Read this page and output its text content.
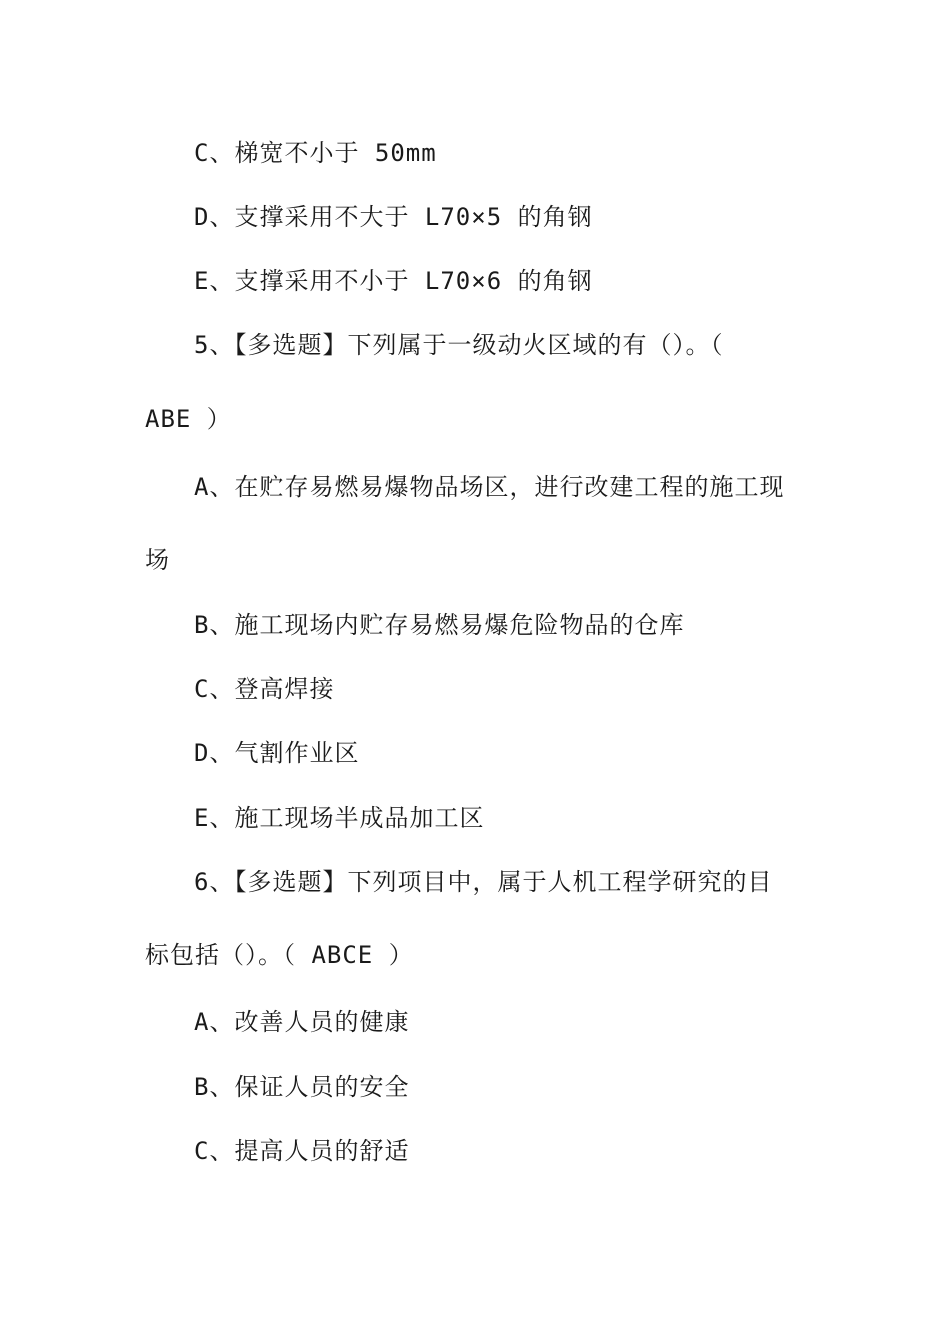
C、梯宽不小于 50mm
D、支撑采用不大于 L70×5 的角钢
E、支撑采用不小于 L70×6 的角钢
5、【多选题】下列属于一级动火区域的有（）。（
ABE ）
A、在贮存易燃易爆物品场区，进行改建工程的施工现
场
B、施工现场内贮存易燃易爆危险物品的仓库
C、登高焊接
D、气割作业区
E、施工现场半成品加工区
6、【多选题】下列项目中，属于人机工程学研究的目
标包括（）。（ ABCE ）
A、改善人员的健康
B、保证人员的安全
C、提高人员的舒适
